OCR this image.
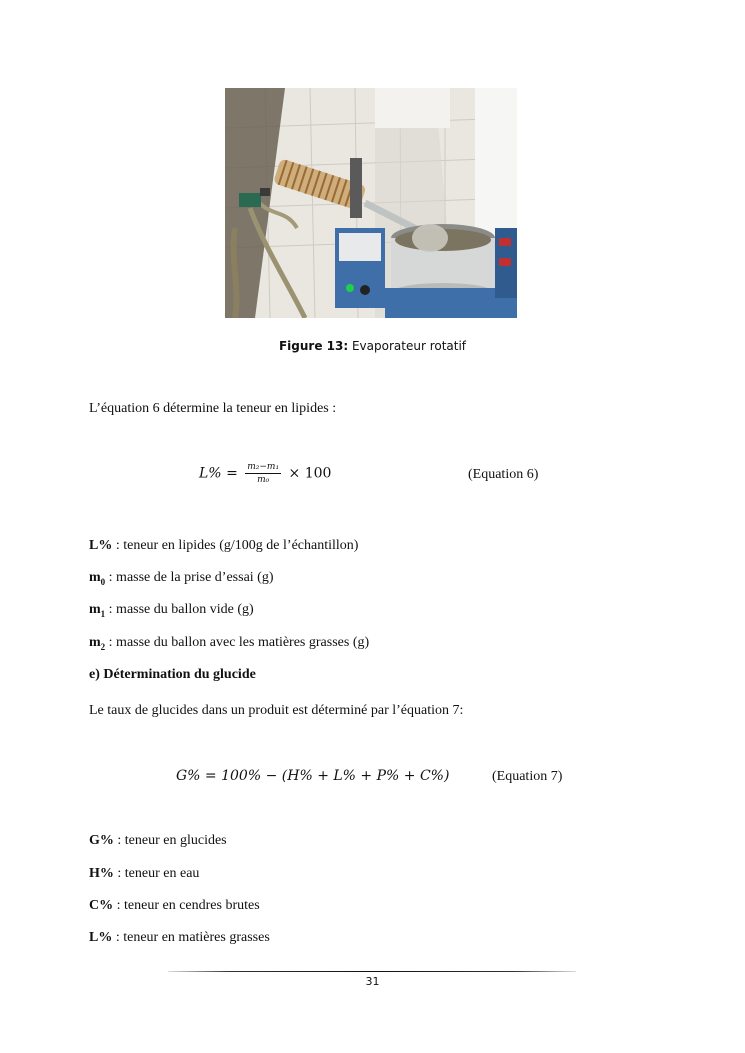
Figure 13: Evaporateur rotatif
L’équation 6 détermine la teneur en lipides :
$L\% = \frac{\text{m₂−m₁}}{\text{m₀}} \times 100$	(Equation 6)
L% : teneur en lipides (g/100g de l’échantillon)
$m_0$ : masse de la prise d’essai (g)
$m_1$ : masse du ballon vide (g)
$m_2$ : masse du ballon avec les matières grasses (g)
e) Détermination du glucide
Le taux de glucides dans un produit est déterminé par l’équation 7:
G% = 100% − (H% + L% + P% + C%)	(Equation 7)
G% : teneur en glucides
H% : teneur en eau
C% : teneur en cendres brutes
L% : teneur en matières grasses
31
